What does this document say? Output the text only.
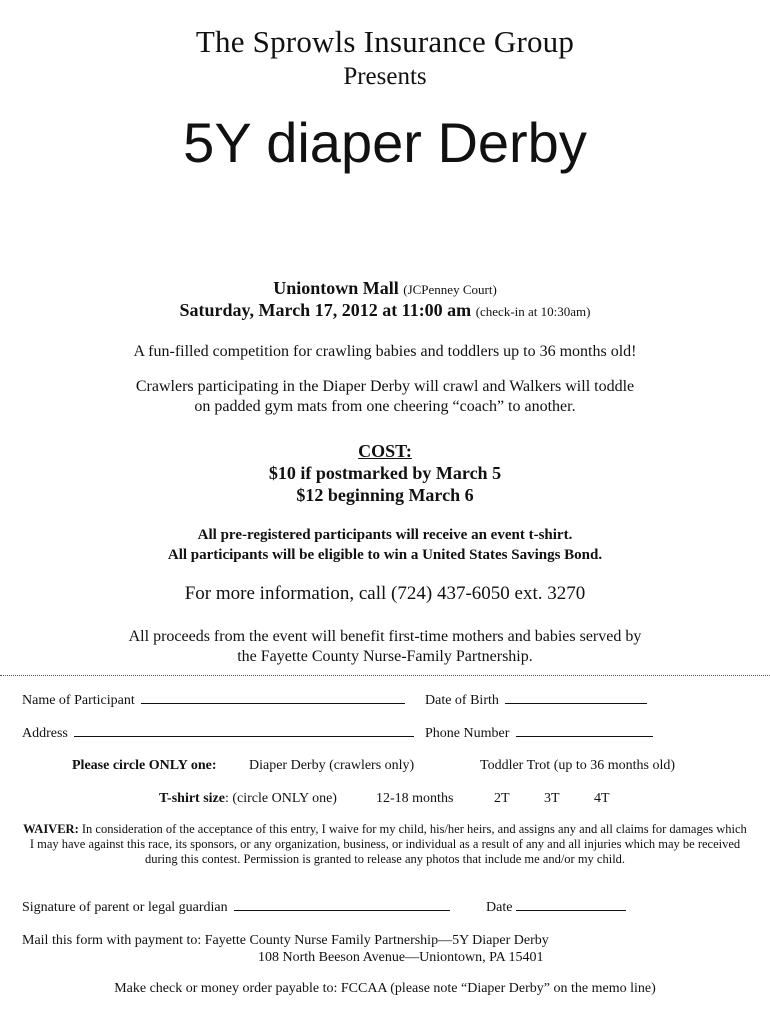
The Sprowls Insurance Group
Presents
5Y diaper Derby
Uniontown Mall (JCPenney Court)
Saturday, March 17, 2012 at 11:00 am (check-in at 10:30am)
A fun-filled competition for crawling babies and toddlers up to 36 months old!
Crawlers participating in the Diaper Derby will crawl and Walkers will toddle
on padded gym mats from one cheering “coach” to another.
COST:
$10 if postmarked by March 5
$12 beginning March 6
All pre-registered participants will receive an event t-shirt.
All participants will be eligible to win a United States Savings Bond.
For more information, call (724) 437-6050 ext. 3270
All proceeds from the event will benefit first-time mothers and babies served by
the Fayette County Nurse-Family Partnership.
Name of Participant	Date of Birth
Address	Phone Number
Please circle ONLY one: Diaper Derby (crawlers only)	Toddler Trot (up to 36 months old)
T-shirt size: (circle ONLY one)	12-18 months	2T 3T 4T
WAIVER: In consideration of the acceptance of this entry, I waive for my child, his/her heirs, and assigns any and all claims for damages which I may have against this race, its sponsors, or any organization, business, or individual as a result of any and all injuries which may be received during this contest. Permission is granted to release any photos that include me and/or my child.
Signature of parent or legal guardian	Date
Mail this form with payment to: Fayette County Nurse Family Partnership—5Y Diaper Derby
108 North Beeson Avenue—Uniontown, PA 15401
Make check or money order payable to: FCCAA (please note “Diaper Derby” on the memo line)
